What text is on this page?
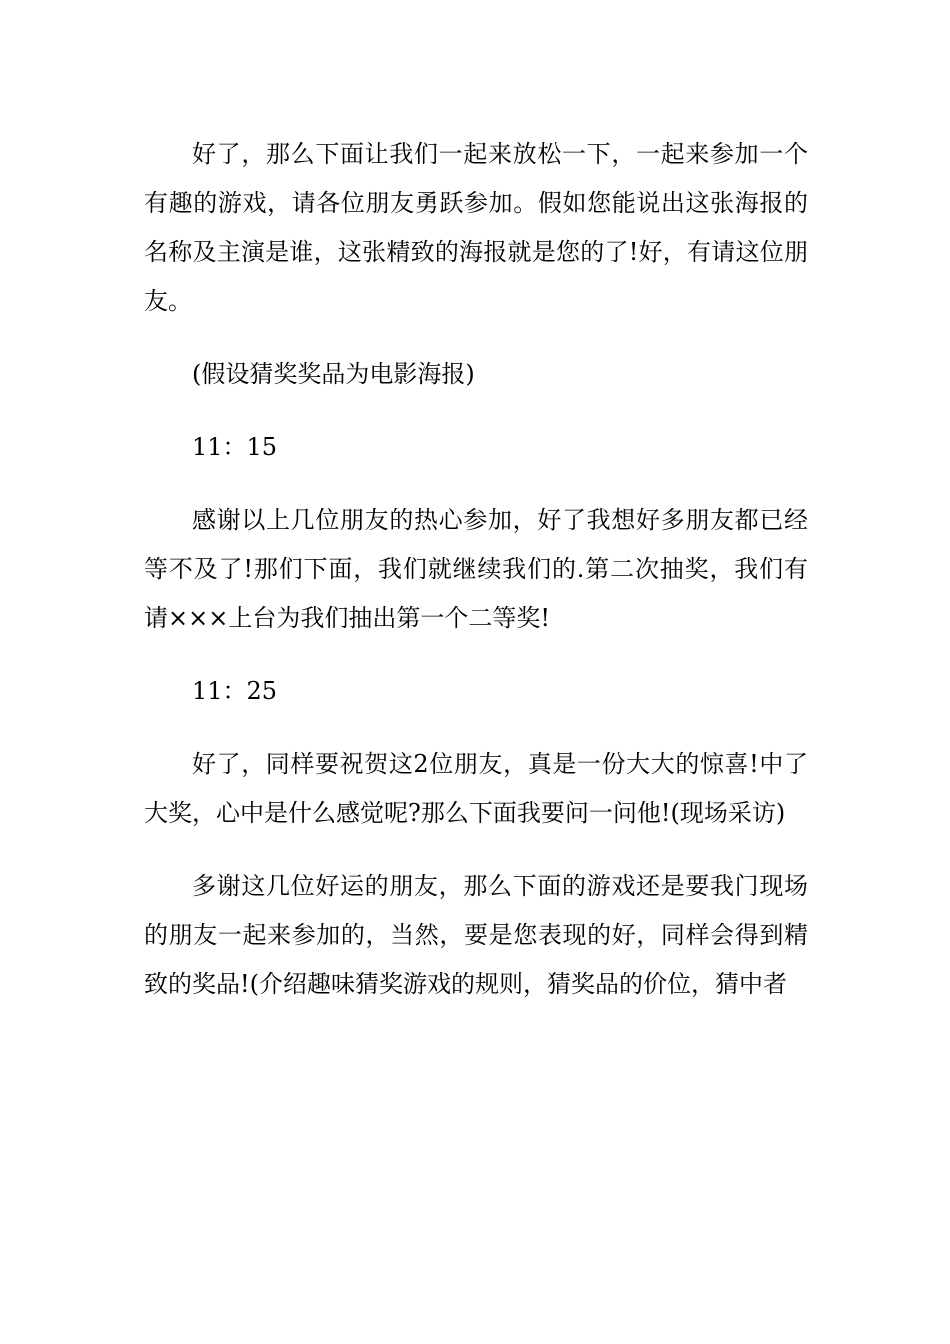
好了，那么下面让我们一起来放松一下，一起来参加一个有趣的游戏，请各位朋友勇跃参加。假如您能说出这张海报的名称及主演是谁，这张精致的海报就是您的了!好，有请这位朋友。

(假设猜奖奖品为电影海报)

11：15

感谢以上几位朋友的热心参加，好了我想好多朋友都已经等不及了!那们下面，我们就继续我们的.第二次抽奖，我们有请×××上台为我们抽出第一个二等奖!

11：25

好了，同样要祝贺这2位朋友，真是一份大大的惊喜!中了大奖，心中是什么感觉呢?那么下面我要问一问他!(现场采访)

多谢这几位好运的朋友，那么下面的游戏还是要我门现场的朋友一起来参加的，当然，要是您表现的好，同样会得到精致的奖品!(介绍趣味猜奖游戏的规则，猜奖品的价位，猜中者
